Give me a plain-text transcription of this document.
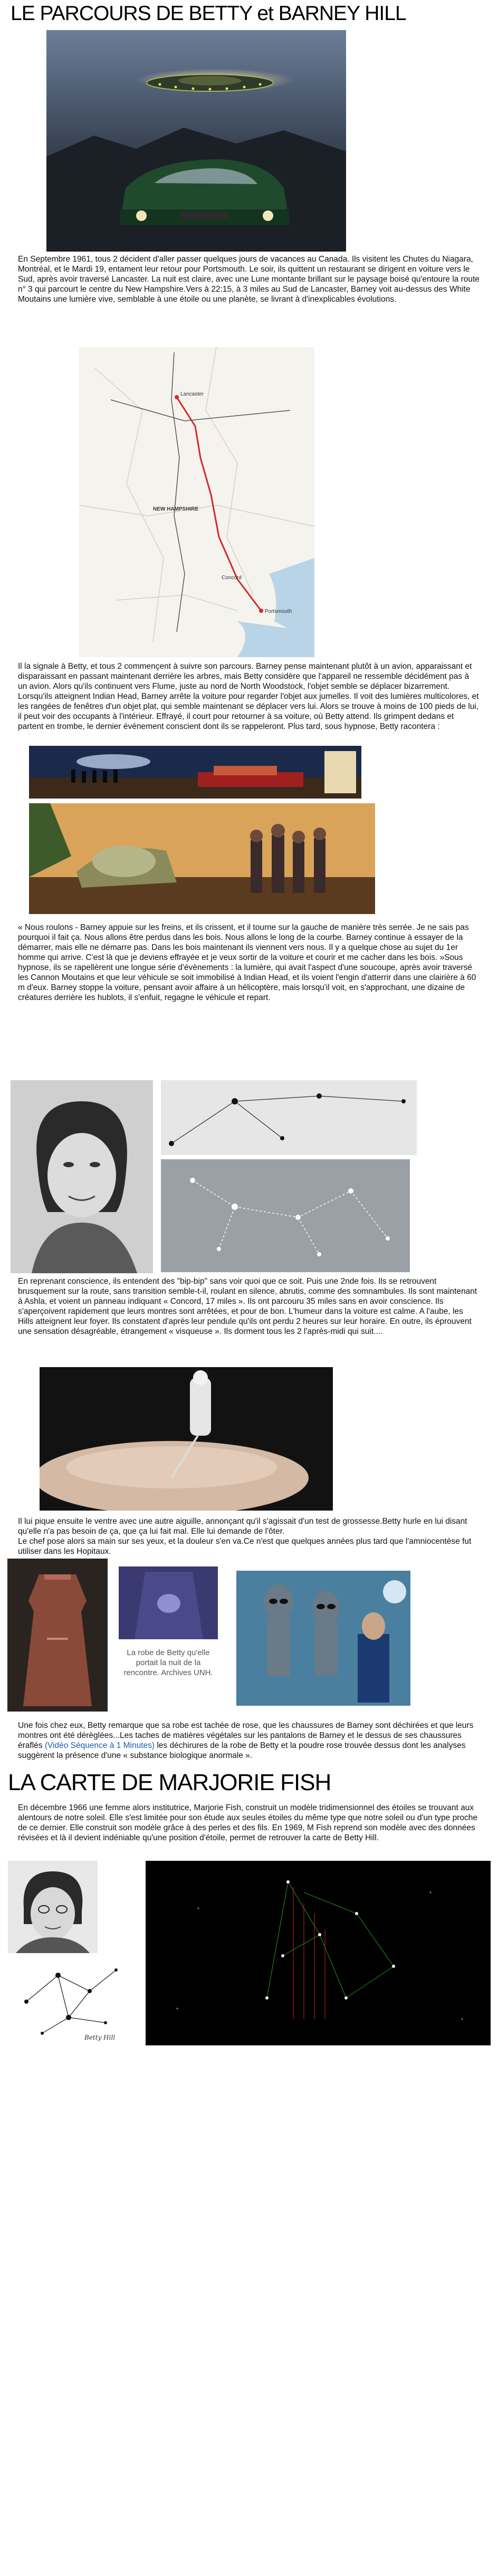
LE PARCOURS DE BETTY et BARNEY HILL

En Septembre 1961, tous 2 décident d'aller passer quelques jours de vacances au Canada. Ils visitent les Chutes du Niagara, Montréal, et le Mardi 19, entament leur retour pour Portsmouth. Le soir, ils quittent un restaurant se dirigent en voiture vers le Sud, après avoir traversé Lancaster. La nuit est claire, avec une Lune montante brillant sur le paysage boisé qu'entoure la route n° 3 qui parcourt le centre du New Hampshire.Vers à 22:15, à 3 miles au Sud de Lancaster, Barney voit au-dessus des White Moutains une lumière vive, semblable à une étoile ou une planète, se livrant à d'inexplicables évolutions.

Lancaster
NEW HAMPSHIRE
Concord
Portsmouth

Il la signale à Betty, et tous 2 commençent à suivre son parcours. Barney pense maintenant plutôt à un avion, apparaissant et disparaissant en passant maintenant derrière les arbres, mais Betty considère que l'appareil ne ressemble décidément pas à un avion. Alors qu'ils continuent vers Flume, juste au nord de North Woodstock, l'objet semble se déplacer bizarrement. Lorsqu'ils atteignent Indian Head, Barney arrête la voiture pour regarder l'objet aux jumelles. Il voit des lumières multicolores, et les rangées de fenêtres d'un objet plat, qui semble maintenant se déplacer vers lui. Alors se trouve à moins de 100 pieds de lui, il peut voir des occupants à l'intérieur. Effrayé, il court pour retourner à sa voiture, où Betty attend. Ils grimpent dedans et partent en trombe, le dernier événement conscient dont ils se rappeleront. Plus tard, sous hypnose, Betty racontera :

« Nous roulons - Barney appuie sur les freins, et ils crissent, et il tourne sur la gauche de manière très serrée. Je ne sais pas pourquoi il fait ça. Nous allons être perdus dans les bois. Nous allons le long de la courbe. Barney continue à essayer de la démarrer, mais elle ne démarre pas. Dans les bois maintenant ils viennent vers nous. Il y a quelque chose au sujet du 1er homme qui arrive. C'est là que je deviens effrayée et je veux sortir de la voiture et courir et me cacher dans les bois. »Sous hypnose, ils se rapellèrent une longue série d'évènements : la lumière, qui avait l'aspect d'une soucoupe, après avoir traversé les Cannon Moutains et que leur véhicule se soit immobilisé à Indian Head, et ils voient l'engin d'atterrir dans une clairière à 60 m d'eux. Barney stoppe la voiture, pensant avoir affaire à un hélicoptère, mais lorsqu'il voit, en s'approchant, une dizaine de créatures derrière les hublots, il s'enfuit, regagne le véhicule et repart.

En reprenant conscience, ils entendent des "bip-bip" sans voir quoi que ce soit. Puis une 2nde fois. Ils se retrouvent brusquement sur la route, sans transition semble-t-il, roulant en silence, abrutis, comme des somnambules. Ils sont maintenant à Ashla, et voient un panneau indiquant « Concord, 17 miles ». Ils ont parcouru 35 miles sans en avoir conscience. Ils s'aperçoivent rapidement que leurs montres sont arrêtées, et pour de bon. L'humeur dans la voiture est calme. A l'aube, les Hills atteignent leur foyer. Ils constatent d'après leur pendule qu'ils ont perdu 2 heures sur leur horaire. En outre, ils éprouvent une sensation désagréable, étrangement « visqueuse ». Ils dorment tous les 2 l'après-midi qui suit....

Il lui pique ensuite le ventre avec une autre aiguille, annonçant qu'il s'agissait d'un test de grossesse.Betty hurle en lui disant qu'elle n'a pas besoin de ça, que ça lui fait mal. Elle lui demande de l'ôter.

Le chef pose alors sa main sur ses yeux, et la douleur s'en va.Ce n'est que quelques années plus tard que l'amniocentèse fut utiliser dans les Hopitaux.

La robe de Betty qu'elle portait la nuit de la rencontre. Archives UNH.

Une fois chez eux, Betty remarque que sa robe est tachée de rose, que les chaussures de Barney sont déchirées et que leurs montres ont été dérèglées...Les taches de matières végétales sur les pantalons de Barney et le dessus de ses chaussures éraflés (Vidéo Séquence à 1 Minutes) les déchirures de la robe de Betty et la poudre rose trouvée dessus dont les analyses suggèrent la présence d'une « substance biologique anormale ».

LA CARTE DE MARJORIE FISH

En décembre 1966 une femme alors institutrice, Marjorie Fish, construit un modèle tridimensionnel des étoiles se trouvant aux alentours de notre soleil. Elle s'est limitée pour son étude aux seules étoiles du même type que notre soleil ou d'un type proche de ce dernier. Elle construit son modèle grâce à des perles et des fils. En 1969, M Fish reprend son modèle avec des données révisées et là il devient indéniable qu'une position d'étoile, permet de retrouver la carte de Betty Hill.

Betty Hill
